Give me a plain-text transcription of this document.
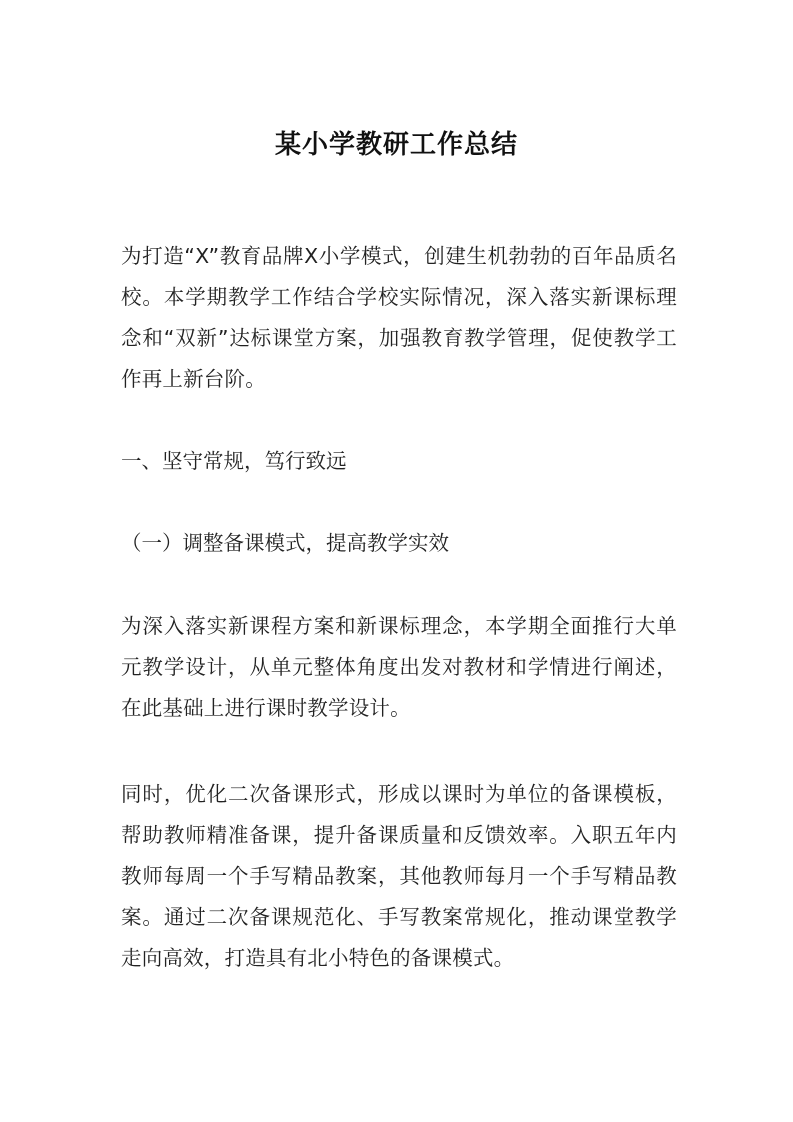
某小学教研工作总结

为打造“X”教育品牌X小学模式，创建生机勃勃的百年品质名校。本学期教学工作结合学校实际情况，深入落实新课标理念和“双新”达标课堂方案，加强教育教学管理，促使教学工作再上新台阶。

一、坚守常规，笃行致远

（一）调整备课模式，提高教学实效

为深入落实新课程方案和新课标理念，本学期全面推行大单元教学设计，从单元整体角度出发对教材和学情进行阐述，在此基础上进行课时教学设计。

同时，优化二次备课形式，形成以课时为单位的备课模板，帮助教师精准备课，提升备课质量和反馈效率。入职五年内教师每周一个手写精品教案，其他教师每月一个手写精品教案。通过二次备课规范化、手写教案常规化，推动课堂教学走向高效，打造具有北小特色的备课模式。
